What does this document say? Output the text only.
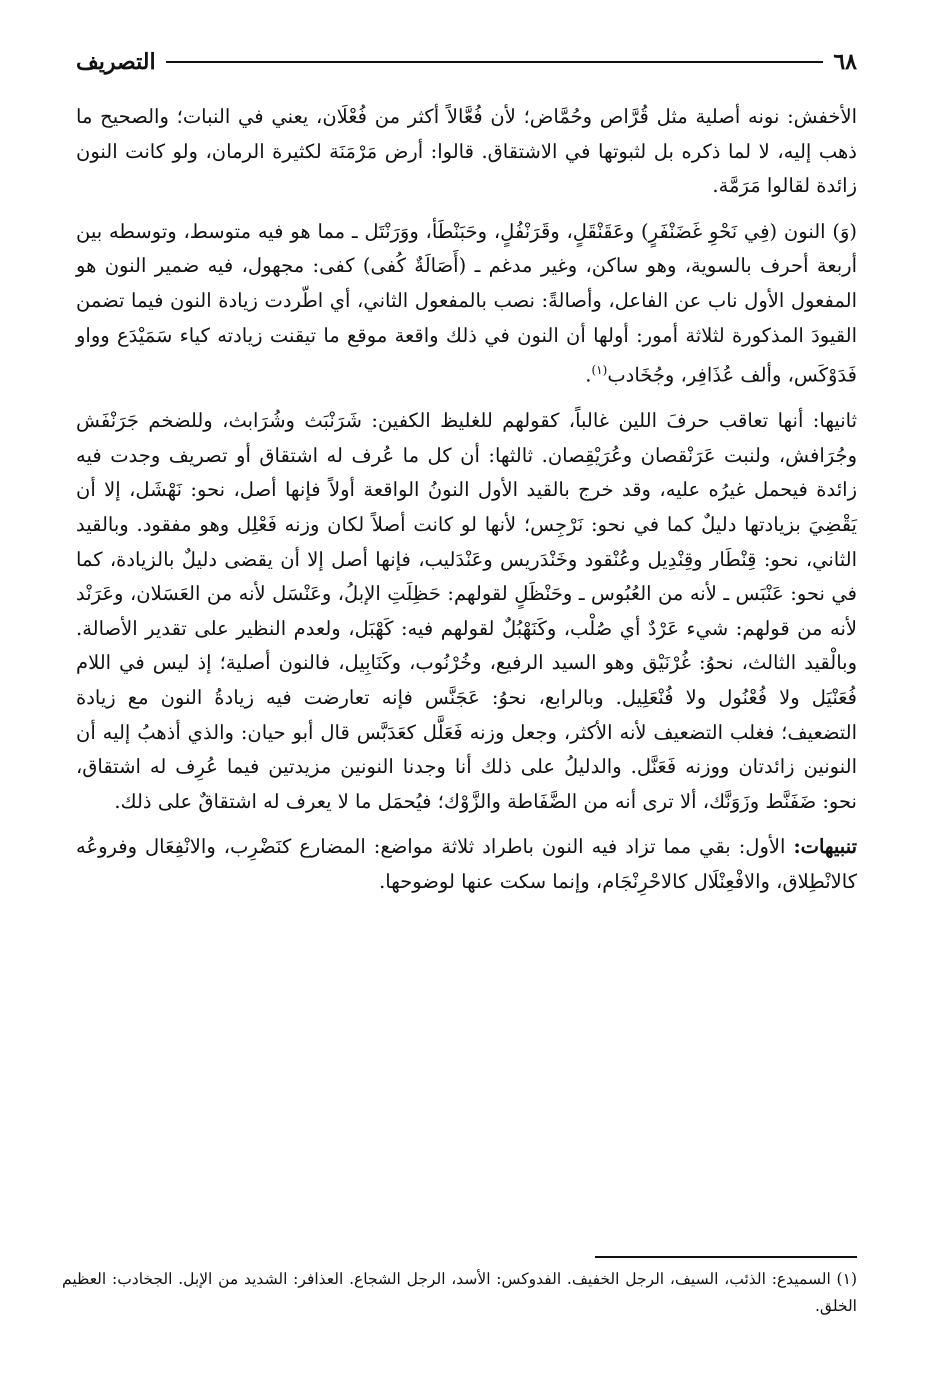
٦٨
التصريف

الأخفش: نونه أصلية مثل قُرَّاص وحُمَّاض؛ لأن فُعَّالاً أكثر من فُعْلَان، يعني في النبات؛ والصحيح ما ذهب إليه، لا لما ذكره بل لثبوتها في الاشتقاق. قالوا: أرض مَرْمَنَة لكثيرة الرمان، ولو كانت النون زائدة لقالوا مَرَمَّة.

(وَ) النون (فِي نَحْوِ غَضَنْفَرٍ) وعَقَنْقَلٍ، وقَرَنْفُلٍ، وحَبَنْطَأ، ووَرَنْتَل ـ مما هو فيه متوسط، وتوسطه بين أربعة أحرف بالسوية، وهو ساكن، وغير مدغم ـ (أَصَالَةٌ كُفى) كفى: مجهول، فيه ضمير النون هو المفعول الأول ناب عن الفاعل، وأصالةً: نصب بالمفعول الثاني، أي اطّردت زيادة النون فيما تضمن القيودَ المذكورة لثلاثة أمور: أولها أن النون في ذلك واقعة موقع ما تيقنت زيادته كياء سَمَيْدَع وواو فَدَوْكَس، وألف عُذَافِر، وجُخَادب$^{(١)}$.

ثانيها: أنها تعاقب حرفَ اللين غالباً، كقولهم للغليظ الكفين: شَرَنْبَث وشُرَابث، وللضخم جَرَنْفَش وجُرَافش، ولنبت عَرَنْقصان وعُرَيْقِصان. ثالثها: أن كل ما عُرف له اشتقاق أو تصريف وجدت فيه زائدة فيحمل غيرُه عليه، وقد خرج بالقيد الأول النونُ الواقعة أولاً فإنها أصل، نحو: نَهْشَل، إلا أن يَقْضِيَ بزيادتها دليلٌ كما في نحو: نَرْجِس؛ لأنها لو كانت أصلاً لكان وزنه فَعْلِل وهو مفقود. وبالقيد الثاني، نحو: قِنْطَار وقِنْدِيل وعُنْقود وخَنْدَريس وعَنْدَليب، فإنها أصل إلا أن يقضى دليلٌ بالزيادة، كما في نحو: عَنْبَس ـ لأنه من العُبُوس ـ وحَنْظَلٍ لقولهم: حَظِلَتِ الإبلُ، وعَنْسَل لأنه من العَسَلان، وعَرَنْد لأنه من قولهم: شيء عَرْدٌ أي صُلْب، وكَنَهْبُلٌ لقولهم فيه: كَهْبَل، ولعدم النظير على تقدير الأصالة. وبالْقيد الثالث، نحوُ: غُرْنَيْق وهو السيد الرفيع، وخُرْنُوب، وكَنَابِيل، فالنون أصلية؛ إذ ليس في اللام فُعَنْيَل ولا فُعْنُول ولا فُنْعَلِيل. وبالرابع، نحوُ: عَجَنَّس فإنه تعارضت فيه زيادةُ النون مع زيادة التضعيف؛ فغلب التضعيف لأنه الأكثر، وجعل وزنه فَعَلَّل كعَدَبَّس قال أبو حيان: والذي أذهبُ إليه أن النونين زائدتان ووزنه فَعَنَّل. والدليلُ على ذلك أنا وجدنا النونين مزيدتين فيما عُرِف له اشتقاق، نحو: ضَفَنَّط وزَوَنَّك، ألا ترى أنه من الضَّفَاطة والزَّوْك؛ فيُحمَل ما لا يعرف له اشتقاقٌ على ذلك.

تنبيهات: الأول: بقي مما تزاد فيه النون باطراد ثلاثة مواضع: المضارع كنَضْرِب، والانْفِعَال وفروعُه كالانْطِلاق، والافْعِنْلَال كالاحْرِنْجَام، وإنما سكت عنها لوضوحها.

(١) السميدع: الذئب، السيف، الرجل الخفيف. الفدوكس: الأسد، الرجل الشجاع. العذافر: الشديد من الإبل. الجخادب: العظيم الخلق.
